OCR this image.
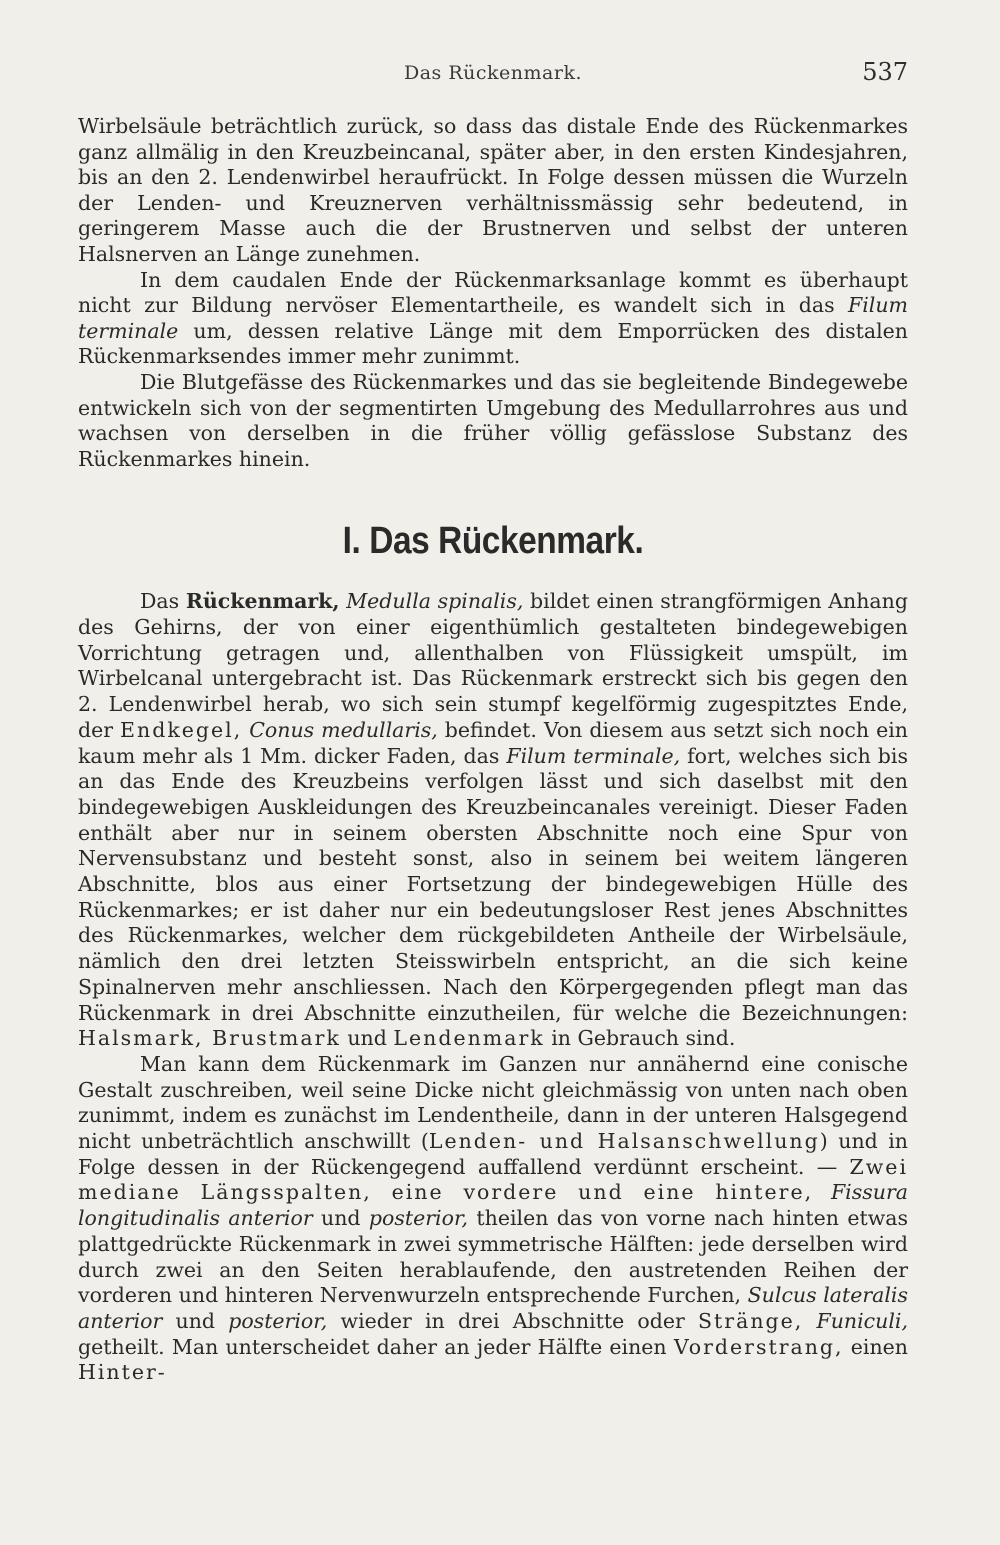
Das Rückenmark.	537

Wirbelsäule beträchtlich zurück, so dass das distale Ende des Rückenmarkes ganz allmälig in den Kreuzbeincanal, später aber, in den ersten Kindesjahren, bis an den 2. Lendenwirbel heraufrückt. In Folge dessen müssen die Wurzeln der Lenden- und Kreuznerven verhältnissmässig sehr bedeutend, in geringerem Masse auch die der Brustnerven und selbst der unteren Halsnerven an Länge zunehmen.

In dem caudalen Ende der Rückenmarksanlage kommt es überhaupt nicht zur Bildung nervöser Elementartheile, es wandelt sich in das Filum terminale um, dessen relative Länge mit dem Emporrücken des distalen Rückenmarksendes immer mehr zunimmt.

Die Blutgefässe des Rückenmarkes und das sie begleitende Bindegewebe entwickeln sich von der segmentirten Umgebung des Medullarrohres aus und wachsen von derselben in die früher völlig gefässlose Substanz des Rückenmarkes hinein.

I. Das Rückenmark.

Das Rückenmark, Medulla spinalis, bildet einen strangförmigen Anhang des Gehirns, der von einer eigenthümlich gestalteten bindegewebigen Vorrichtung getragen und, allenthalben von Flüssigkeit umspült, im Wirbelcanal untergebracht ist. Das Rückenmark erstreckt sich bis gegen den 2. Lendenwirbel herab, wo sich sein stumpf kegelförmig zugespitztes Ende, der Endkegel, Conus medullaris, befindet. Von diesem aus setzt sich noch ein kaum mehr als 1 Mm. dicker Faden, das Filum terminale, fort, welches sich bis an das Ende des Kreuzbeins verfolgen lässt und sich daselbst mit den bindegewebigen Auskleidungen des Kreuzbeincanales vereinigt. Dieser Faden enthält aber nur in seinem obersten Abschnitte noch eine Spur von Nervensubstanz und besteht sonst, also in seinem bei weitem längeren Abschnitte, blos aus einer Fortsetzung der bindegewebigen Hülle des Rückenmarkes; er ist daher nur ein bedeutungsloser Rest jenes Abschnittes des Rückenmarkes, welcher dem rückgebildeten Antheile der Wirbelsäule, nämlich den drei letzten Steisswirbeln entspricht, an die sich keine Spinalnerven mehr anschliessen. Nach den Körpergegenden pflegt man das Rückenmark in drei Abschnitte einzutheilen, für welche die Bezeichnungen: Halsmark, Brustmark und Lendenmark in Gebrauch sind.

Man kann dem Rückenmark im Ganzen nur annähernd eine conische Gestalt zuschreiben, weil seine Dicke nicht gleichmässig von unten nach oben zunimmt, indem es zunächst im Lendentheile, dann in der unteren Halsgegend nicht unbeträchtlich anschwillt (Lenden- und Halsanschwellung) und in Folge dessen in der Rückengegend auffallend verdünnt erscheint. — Zwei mediane Längsspalten, eine vordere und eine hintere, Fissura longitudinalis anterior und posterior, theilen das von vorne nach hinten etwas plattgedrückte Rückenmark in zwei symmetrische Hälften: jede derselben wird durch zwei an den Seiten herablaufende, den austretenden Reihen der vorderen und hinteren Nervenwurzeln entsprechende Furchen, Sulcus lateralis anterior und posterior, wieder in drei Abschnitte oder Stränge, Funiculi, getheilt. Man unterscheidet daher an jeder Hälfte einen Vorderstrang, einen Hinter-
